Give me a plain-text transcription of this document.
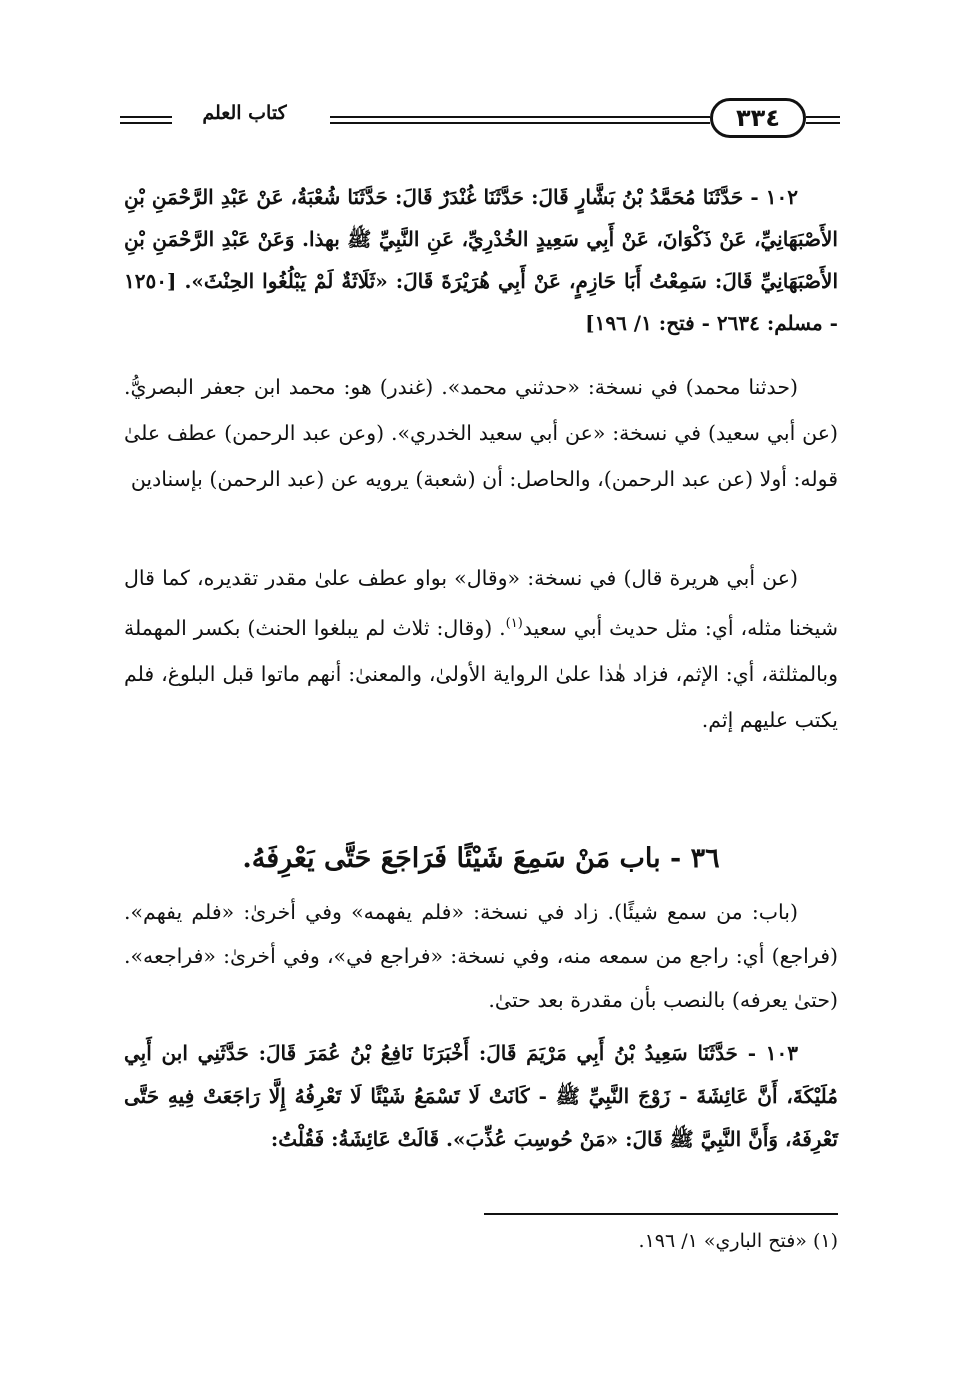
كتاب العلم	٣٣٤
١٠٢ - حَدَّثَنَا مُحَمَّدُ بْنُ بَشَّارٍ قَالَ: حَدَّثَنَا غُنْدَرٌ قَالَ: حَدَّثَنَا شُعْبَةُ، عَنْ عَبْدِ الرَّحْمَنِ بْنِ الأَصْبَهَانِيِّ، عَنْ ذَكْوَانَ، عَنْ أَبِي سَعِيدٍ الخُدْرِيِّ، عَنِ النَّبِيِّ ﷺ بهذا. وَعَنْ عَبْدِ الرَّحْمَنِ بْنِ الأَصْبَهَانِيِّ قَالَ: سَمِعْتُ أَبَا حَازِمٍ، عَنْ أَبِي هُرَيْرَةَ قَالَ: «ثَلَاثَةٌ لَمْ يَبْلُغُوا الحِنْثَ». [١٢٥٠ - مسلم: ٢٦٣٤ - فتح: ١/ ١٩٦]
(حدثنا محمد) في نسخة: «حدثني محمد». (غندر) هو: محمد ابن جعفر البصريُّ. (عن أبي سعيد) في نسخة: «عن أبي سعيد الخدري». (وعن عبد الرحمن) عطف علىٰ قوله: أولا (عن عبد الرحمن)، والحاصل: أن (شعبة) يرويه عن (عبد الرحمن) بإسنادين
(عن أبي هريرة قال) في نسخة: «وقال» بواو عطف علىٰ مقدر تقديره، كما قال شيخنا مثله، أي: مثل حديث أبي سعيد$^{(١)}$. (وقال: ثلاث لم يبلغوا الحنث) بكسر المهملة وبالمثلثة، أي: الإثم، فزاد هٰذا علىٰ الرواية الأولىٰ، والمعنىٰ: أنهم ماتوا قبل البلوغ، فلم يكتب عليهم إثم.
٣٦ - باب مَنْ سَمِعَ شَيْئًا فَرَاجَعَ حَتَّى يَعْرِفَهُ.
(باب: من سمع شيئًا). زاد في نسخة: «فلم يفهمه» وفي أخرىٰ: «فلم يفهم». (فراجع) أي: راجع من سمعه منه، وفي نسخة: «فراجع في»، وفي أخرىٰ: «فراجعه». (حتىٰ يعرفه) بالنصب بأن مقدرة بعد حتىٰ.
١٠٣ - حَدَّثَنَا سَعِيدُ بْنُ أَبِي مَرْيَمَ قَالَ: أَخْبَرَنَا نَافِعُ بْنُ عُمَرَ قَالَ: حَدَّثَنِي ابن أَبِي مُلَيْكَةَ، أَنَّ عَائِشَةَ - زَوْجَ النَّبِيِّ ﷺ - كَانَتْ لَا تَسْمَعُ شَيْئًا لَا تَعْرِفُهُ إِلَّا رَاجَعَتْ فِيهِ حَتَّى تَعْرِفَهُ، وَأَنَّ النَّبِيَّ ﷺ قَالَ: «مَنْ حُوسِبَ عُذِّبَ». قَالَتْ عَائِشَةُ: فَقُلْتُ:
(١) «فتح الباري» ١/ ١٩٦.
